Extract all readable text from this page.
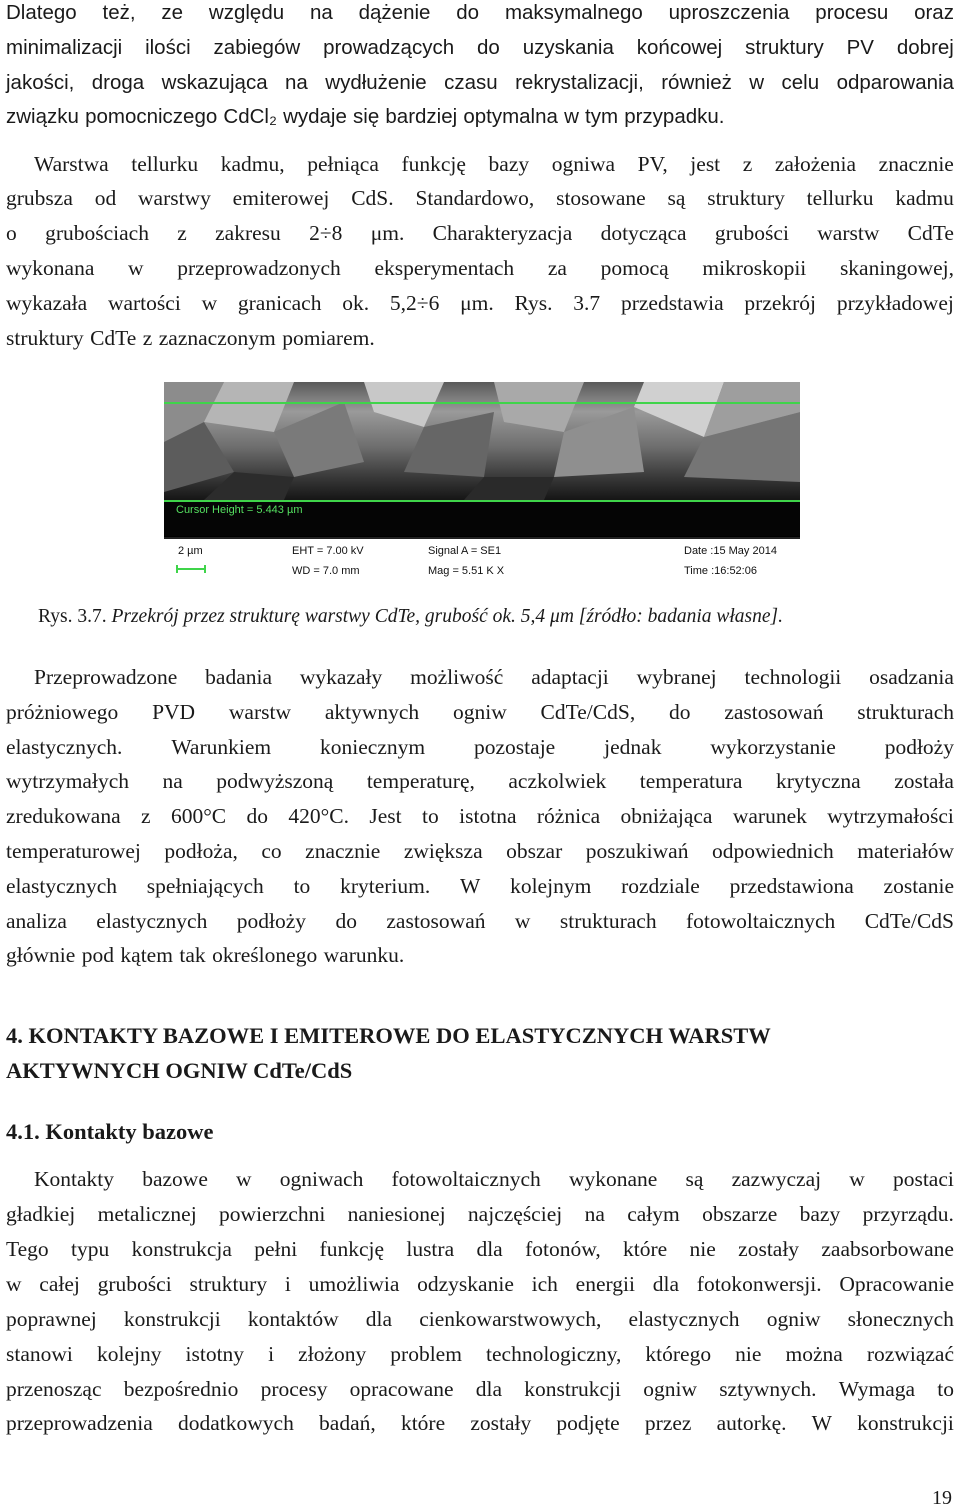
Dlatego też, ze względu na dążenie do maksymalnego uproszczenia procesu oraz
minimalizacji ilości zabiegów prowadzących do uzyskania końcowej struktury PV dobrej
jakości, droga wskazująca na wydłużenie czasu rekrystalizacji, również w celu odparowania
związku pomocniczego CdCl₂ wydaje się bardziej optymalna w tym przypadku.
Warstwa tellurku kadmu, pełniąca funkcję bazy ogniwa PV, jest z założenia znacznie
grubsza od warstwy emiterowej CdS. Standardowo, stosowane są struktury tellurku kadmu
o grubościach z zakresu 2÷8 μm. Charakteryzacja dotycząca grubości warstw CdTe
wykonana w przeprowadzonych eksperymentach za pomocą mikroskopii skaningowej,
wykazała wartości w granicach ok. 5,2÷6 μm. Rys. 3.7 przedstawia przekrój przykładowej
struktury CdTe z zaznaczonym pomiarem.
Cursor Height = 5.443 µm
2 µm	EHT = 7.00 kV
WD = 7.0 mm
Signal A = SE1
Mag = 5.51 K X
Date :15 May 2014
Time :16:52:06
Rys. 3.7. Przekrój przez strukturę warstwy CdTe, grubość ok. 5,4 μm [źródło: badania własne].
Przeprowadzone badania wykazały możliwość adaptacji wybranej technologii osadzania
próżniowego PVD warstw aktywnych ogniw CdTe/CdS, do zastosowań strukturach
elastycznych. Warunkiem koniecznym pozostaje jednak wykorzystanie podłoży
wytrzymałych na podwyższoną temperaturę, aczkolwiek temperatura krytyczna została
zredukowana z 600°C do 420°C. Jest to istotna różnica obniżająca warunek wytrzymałości
temperaturowej podłoża, co znacznie zwiększa obszar poszukiwań odpowiednich materiałów
elastycznych spełniających to kryterium. W kolejnym rozdziale przedstawiona zostanie
analiza elastycznych podłoży do zastosowań w strukturach fotowoltaicznych CdTe/CdS
głównie pod kątem tak określonego warunku.
4. KONTAKTY BAZOWE I EMITEROWE DO ELASTYCZNYCH WARSTW
AKTYWNYCH OGNIW CdTe/CdS
4.1. Kontakty bazowe
Kontakty bazowe w ogniwach fotowoltaicznych wykonane są zazwyczaj w postaci
gładkiej metalicznej powierzchni naniesionej najczęściej na całym obszarze bazy przyrządu.
Tego typu konstrukcja pełni funkcję lustra dla fotonów, które nie zostały zaabsorbowane
w całej grubości struktury i umożliwia odzyskanie ich energii dla fotokonwersji. Opracowanie
poprawnej konstrukcji kontaktów dla cienkowarstwowych, elastycznych ogniw słonecznych
stanowi kolejny istotny i złożony problem technologiczny, którego nie można rozwiązać
przenosząc bezpośrednio procesy opracowane dla konstrukcji ogniw sztywnych. Wymaga to
przeprowadzenia dodatkowych badań, które zostały podjęte przez autorkę. W konstrukcji
19
